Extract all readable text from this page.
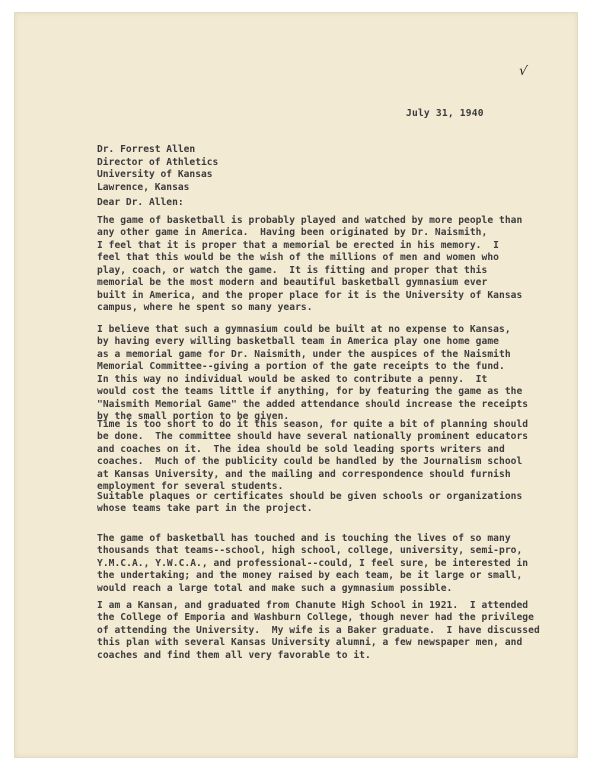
√
July 31, 1940
Dr. Forrest Allen
Director of Athletics
University of Kansas
Lawrence, Kansas
Dear Dr. Allen:
The game of basketball is probably played and watched by more people than
any other game in America.  Having been originated by Dr. Naismith,
I feel that it is proper that a memorial be erected in his memory.  I
feel that this would be the wish of the millions of men and women who
play, coach, or watch the game.  It is fitting and proper that this
memorial be the most modern and beautiful basketball gymnasium ever
built in America, and the proper place for it is the University of Kansas
campus, where he spent so many years.
I believe that such a gymnasium could be built at no expense to Kansas,
by having every willing basketball team in America play one home game
as a memorial game for Dr. Naismith, under the auspices of the Naismith
Memorial Committee--giving a portion of the gate receipts to the fund.
In this way no individual would be asked to contribute a penny.  It
would cost the teams little if anything, for by featuring the game as the
"Naismith Memorial Game" the added attendance should increase the receipts
by the small portion to be given.
Time is too short to do it this season, for quite a bit of planning should
be done.  The committee should have several nationally prominent educators
and coaches on it.  The idea should be sold leading sports writers and
coaches.  Much of the publicity could be handled by the Journalism school
at Kansas University, and the mailing and correspondence should furnish
employment for several students.
Suitable plaques or certificates should be given schools or organizations
whose teams take part in the project.
The game of basketball has touched and is touching the lives of so many
thousands that teams--school, high school, college, university, semi-pro,
Y.M.C.A., Y.W.C.A., and professional--could, I feel sure, be interested in
the undertaking; and the money raised by each team, be it large or small,
would reach a large total and make such a gymnasium possible.
I am a Kansan, and graduated from Chanute High School in 1921.  I attended
the College of Emporia and Washburn College, though never had the privilege
of attending the University.  My wife is a Baker graduate.  I have discussed
this plan with several Kansas University alumni, a few newspaper men, and
coaches and find them all very favorable to it.
